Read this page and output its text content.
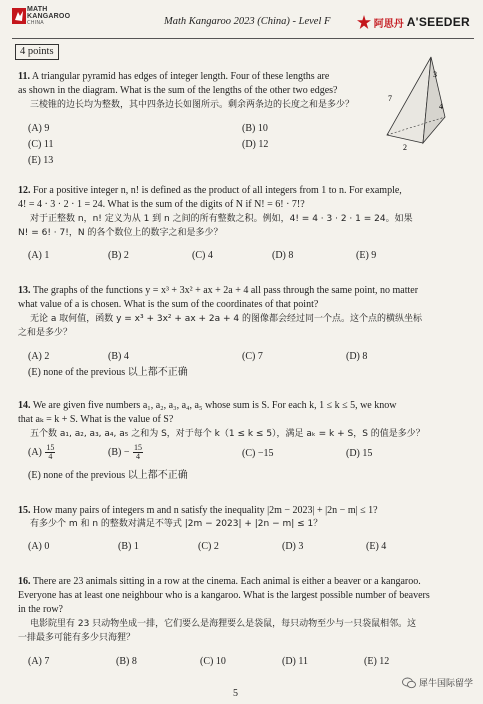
MATH
KANGAROO
CHINA	Math Kangaroo 2023 (China) - Level F	阿思丹 A'SEEDER
4 points
11. A triangular pyramid has edges of integer length. Four of these lengths are
as shown in the diagram. What is the sum of the lengths of the other two edges?
三棱锥的边长均为整数，其中四条边长如图所示。剩余两条边的长度之和是多少？
(A) 9	(B) 10
(C) 11	(D) 12
(E) 13
3
7
4
2
12. For a positive integer n, n! is defined as the product of all integers from 1 to n. For example,
4! = 4 · 3 · 2 · 1 = 24. What is the sum of the digits of N if N! = 6! · 7!?
对于正整数 n，n! 定义为从 1 到 n 之间的所有整数之积。例如，4! = 4 · 3 · 2 · 1 = 24。如果
N! = 6! · 7!，N 的各个数位上的数字之和是多少？
(A) 1	(B) 2	(C) 4	(D) 8	(E) 9
13. The graphs of the functions y = x³ + 3x² + ax + 2a + 4 all pass through the same point, no matter
what value of a is chosen. What is the sum of the coordinates of that point?
无论 a 取何值，函数 y = x³ + 3x² + ax + 2a + 4 的图像都会经过同一个点。这个点的横纵坐标
之和是多少？
(A) 2	(B) 4	(C) 7	(D) 8
(E) none of the previous 以上都不正确
14. We are given five numbers a₁, a₂, a₃, a₄, a₅ whose sum is S. For each k, 1 ≤ k ≤ 5, we know
that aₖ = k + S. What is the value of S?
五个数 a₁, a₂, a₃, a₄, a₅ 之和为 S，对于每个 k（1 ≤ k ≤ 5），满足 aₖ = k + S，S 的值是多少？
$(A) \frac{15}{4}$	$(B) - \frac{15}{4}$	(C) −15	(D) 15
(E) none of the previous 以上都不正确
15. How many pairs of integers m and n satisfy the inequality |2m − 2023| + |2n − m| ≤ 1?
有多少个 m 和 n 的整数对满足不等式 |2m − 2023| + |2n − m| ≤ 1？
(A) 0	(B) 1	(C) 2	(D) 3	(E) 4
16. There are 23 animals sitting in a row at the cinema. Each animal is either a beaver or a kangaroo.
Everyone has at least one neighbour who is a kangaroo. What is the largest possible number of beavers
in the row?
电影院里有 23 只动物坐成一排，它们要么是海狸要么是袋鼠，每只动物至少与一只袋鼠相邻。这
一排最多可能有多少只海狸？
(A) 7	(B) 8	(C) 10	(D) 11	(E) 12
5
犀牛国际留学
